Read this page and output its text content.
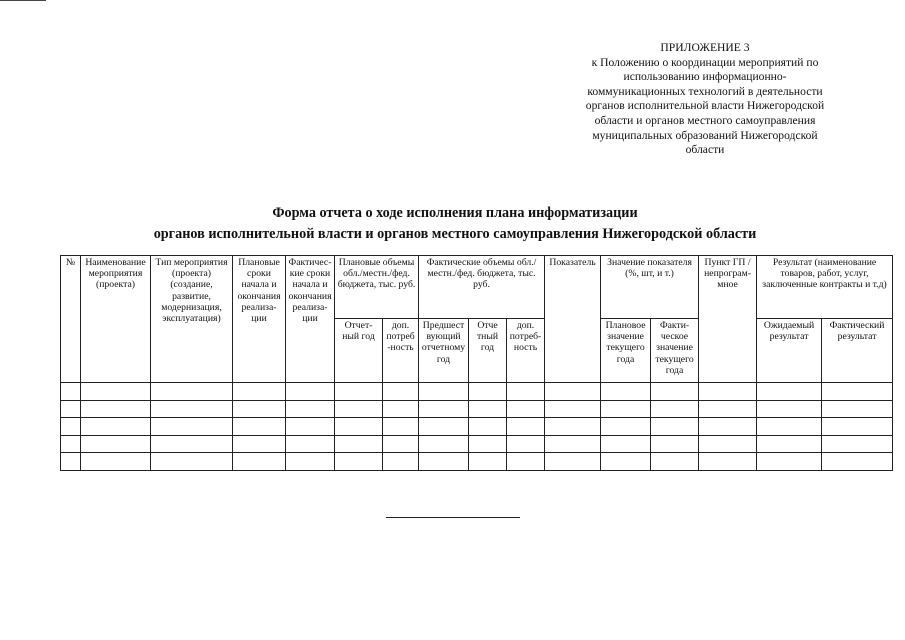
ПРИЛОЖЕНИЕ 3
к Положению о координации мероприятий по
использованию информационно-
коммуникационных технологий в деятельности
органов исполнительной власти Нижегородской
области и органов местного самоуправления
муниципальных образований Нижегородской
области
Форма отчета о ходе исполнения плана информатизации
органов исполнительной власти и органов местного самоуправления Нижегородской области
№	Наименование мероприятия (проекта)	Тип мероприятия (проекта) (создание, развитие, модернизация, эксплуатация)	Плановые сроки начала и окончания реализа- ции	Фактичес- кие сроки начала и окончания реализа- ции	Плановые объемы обл./местн./фед. бюджета, тыс. руб.		Фактические объемы обл./местн./фед. бюджета, тыс. руб.			Показатель	Значение показателя (%, шт, и т.)		Пункт ГП / непрограм- мное	Результат (наименование товаров, работ, услуг, заключенные контракты и т.д)	
					Отчет- ный год	доп. потреб -ность	Предшест вующий отчетному год	Отче тный год	доп. потреб- ность		Плановое значение текущего года	Факти- ческое значение текущего года		Ожидаемый результат	Фактический результат
